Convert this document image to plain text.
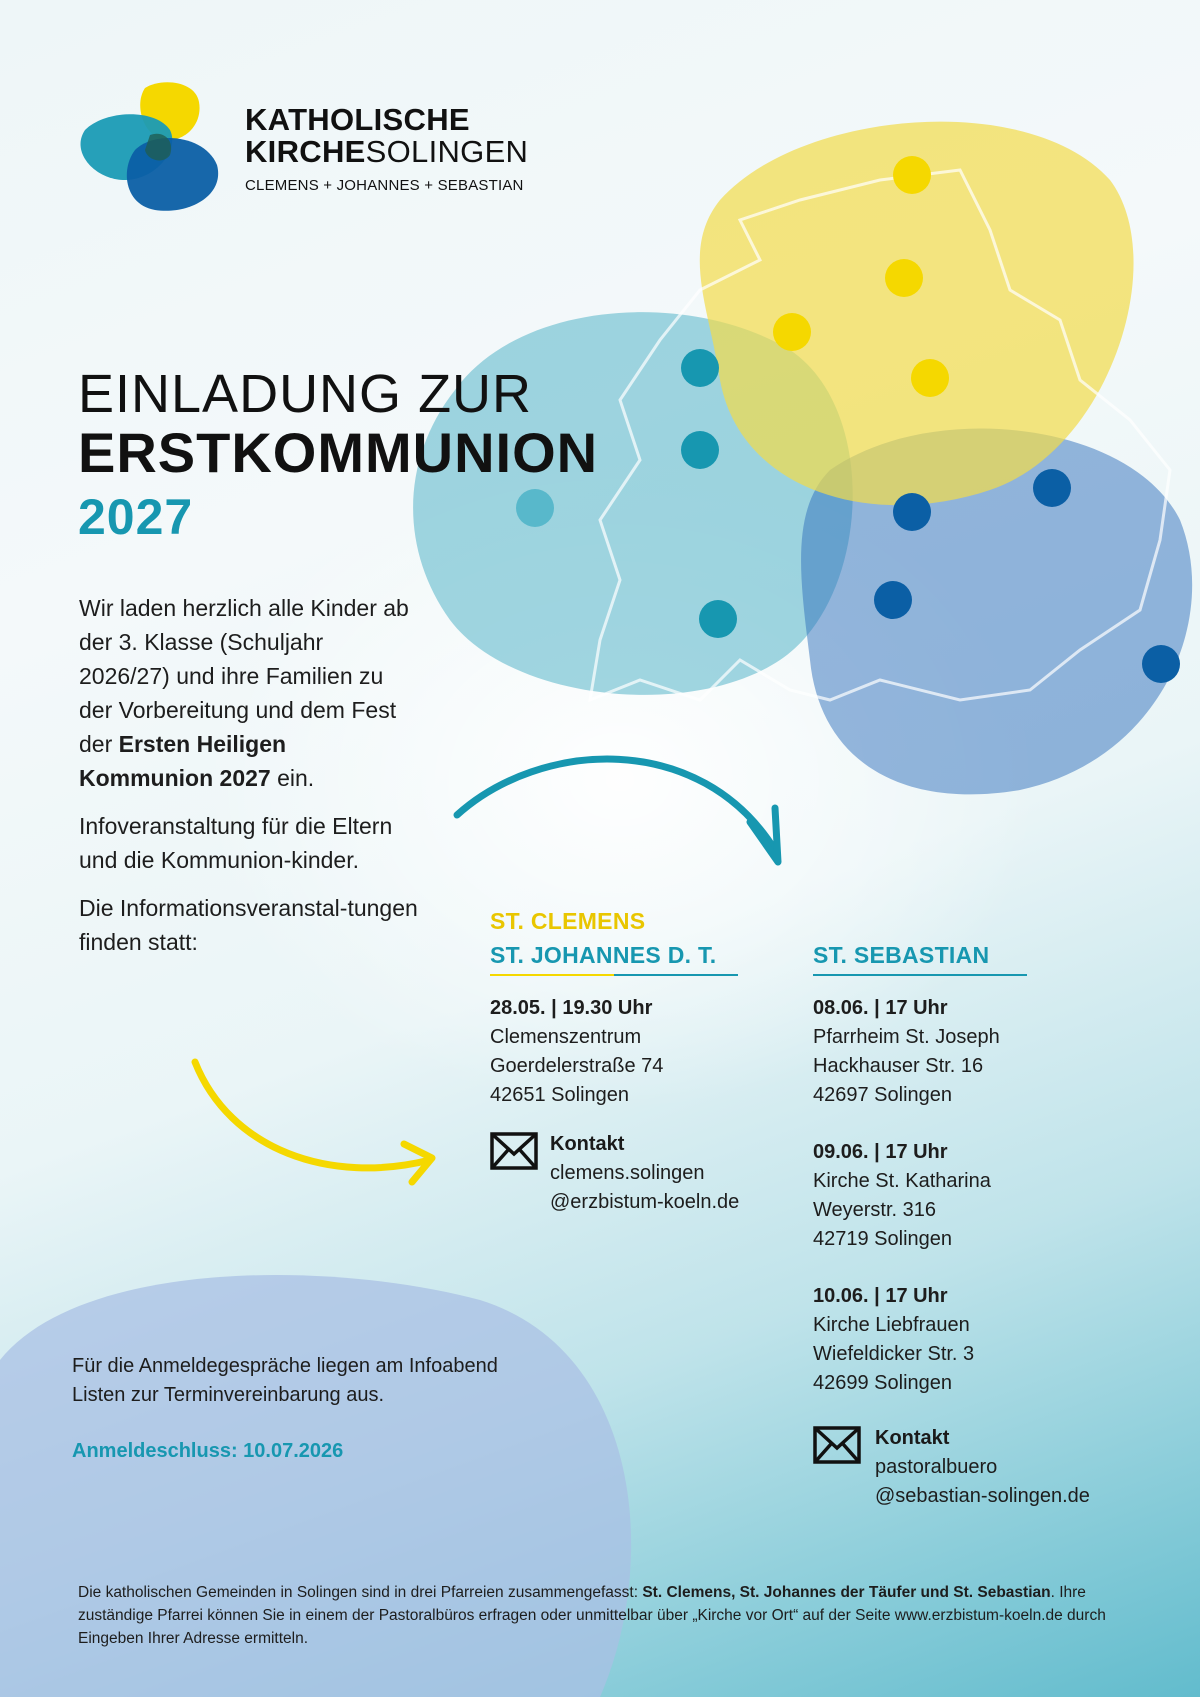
KATHOLISCHE
KIRCHESOLINGEN
CLEMENS + JOHANNES + SEBASTIAN
EINLADUNG ZUR
ERSTKOMMUNION
2027

Wir laden herzlich alle Kinder ab der 3. Klasse (Schuljahr 2026/27) und ihre Familien zu der Vorbereitung und dem Fest der Ersten Heiligen Kommunion 2027 ein.

Infoveranstaltung für die Eltern und die Kommunion-kinder.

Die Informationsveranstal-tungen finden statt:

ST. CLEMENS
ST. JOHANNES D. T.
28.05. | 19.30 Uhr
Clemenszentrum
Goerdelerstraße 74
42651 Solingen
Kontakt
clemens.solingen
@erzbistum-koeln.de
ST. SEBASTIAN
08.06. | 17 Uhr
Pfarrheim St. Joseph
Hackhauser Str. 16
42697 Solingen
09.06. | 17 Uhr
Kirche St. Katharina
Weyerstr. 316
42719 Solingen
10.06. | 17 Uhr
Kirche Liebfrauen
Wiefeldicker Str. 3
42699 Solingen
Kontakt
pastoralbuero
@sebastian-solingen.de
Für die Anmeldegespräche liegen am Infoabend
Listen zur Terminvereinbarung aus.
Anmeldeschluss: 10.07.2026
Die katholischen Gemeinden in Solingen sind in drei Pfarreien zusammengefasst: St. Clemens, St. Johannes der Täufer und St. Sebastian. Ihre zuständige Pfarrei können Sie in einem der Pastoralbüros erfragen oder unmittelbar über „Kirche vor Ort“ auf der Seite www.erzbistum-koeln.de durch Eingeben Ihrer Adresse ermitteln.
